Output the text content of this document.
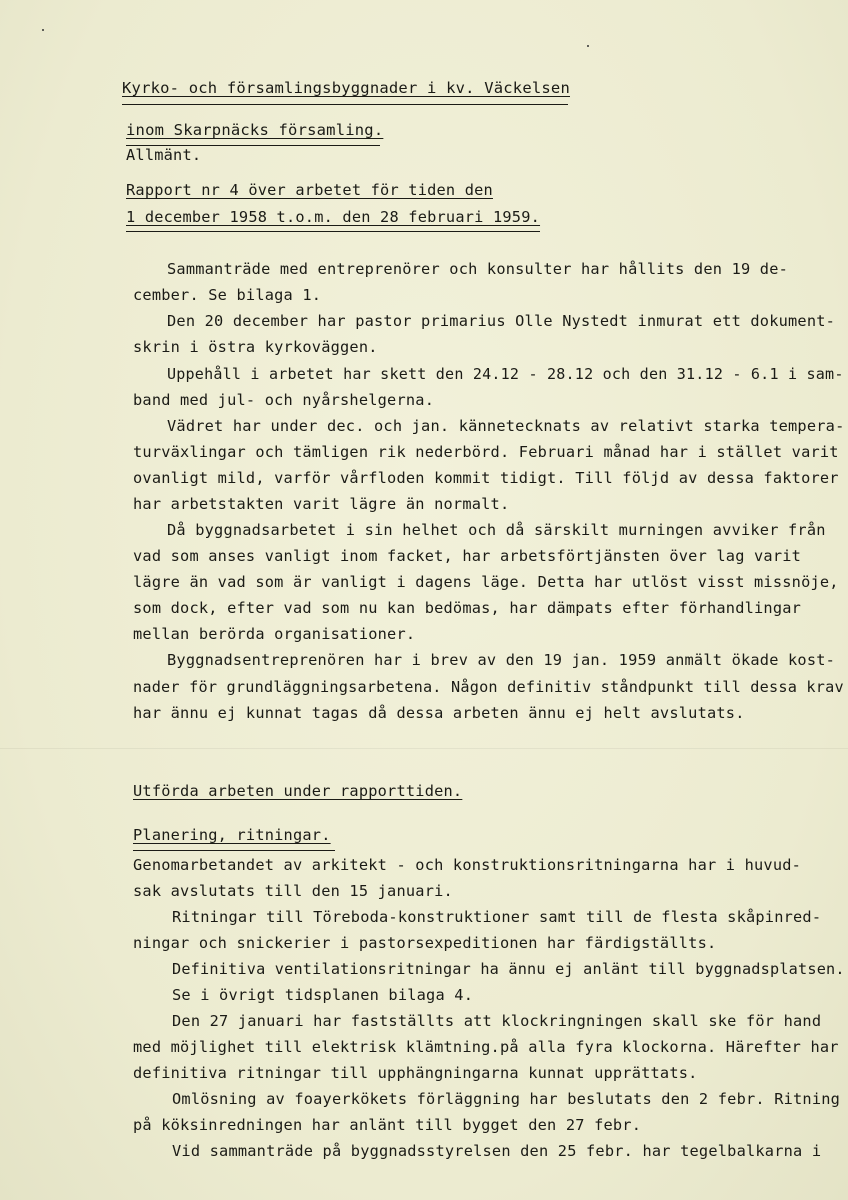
Kyrko- och församlingsbyggnader i kv. Väckelsen
inom Skarpnäcks församling.
Allmänt.
Rapport nr 4 över arbetet för tiden den
1 december 1958 t.o.m. den 28 februari 1959.
Sammanträde med entreprenörer och konsulter har hållits den 19 de-
cember. Se bilaga 1.
Den 20 december har pastor primarius Olle Nystedt inmurat ett dokument-
skrin i östra kyrkoväggen.
Uppehåll i arbetet har skett den 24.12 - 28.12 och den 31.12 - 6.1 i sam-
band med jul- och nyårshelgerna.
Vädret har under dec. och jan. kännetecknats av relativt starka tempera-
turväxlingar och tämligen rik nederbörd. Februari månad har i stället varit
ovanligt mild, varför vårfloden kommit tidigt. Till följd av dessa faktorer
har arbetstakten varit lägre än normalt.
Då byggnadsarbetet i sin helhet och då särskilt murningen avviker från
vad som anses vanligt inom facket, har arbetsförtjänsten över lag varit
lägre än vad som är vanligt i dagens läge. Detta har utlöst visst missnöje,
som dock, efter vad som nu kan bedömas, har dämpats efter förhandlingar
mellan berörda organisationer.
Byggnadsentreprenören har i brev av den 19 jan. 1959 anmält ökade kost-
nader för grundläggningsarbetena. Någon definitiv ståndpunkt till dessa krav
har ännu ej kunnat tagas då dessa arbeten ännu ej helt avslutats.
Utförda arbeten under rapporttiden.
Planering, ritningar.
Genomarbetandet av arkitekt - och konstruktionsritningarna har i huvud-
sak avslutats till den 15 januari.
Ritningar till Töreboda-konstruktioner samt till de flesta skåpinred-
ningar och snickerier i pastorsexpeditionen har färdigställts.
Definitiva ventilationsritningar ha ännu ej anlänt till byggnadsplatsen.
Se i övrigt tidsplanen bilaga 4.
Den 27 januari har fastställts att klockringningen skall ske för hand
med möjlighet till elektrisk klämtning.på alla fyra klockorna. Härefter har
definitiva ritningar till upphängningarna kunnat upprättats.
Omlösning av foayerkökets förläggning har beslutats den 2 febr. Ritning
på köksinredningen har anlänt till bygget den 27 febr.
Vid sammanträde på byggnadsstyrelsen den 25 febr. har tegelbalkarna i
